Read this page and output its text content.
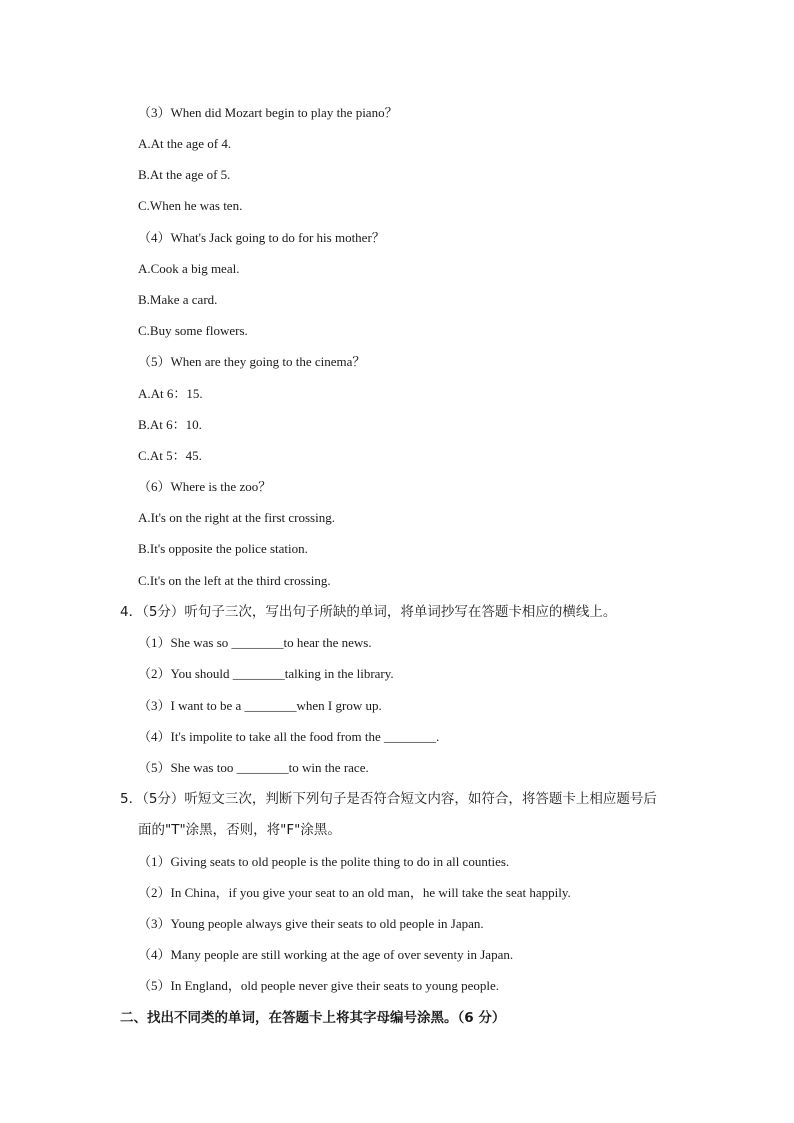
（3）When did Mozart begin to play the piano？
A.At the age of 4.
B.At the age of 5.
C.When he was ten.
（4）What's Jack going to do for his mother？
A.Cook a big meal.
B.Make a card.
C.Buy some flowers.
（5）When are they going to the cinema？
A.At 6：15.
B.At 6：10.
C.At 5：45.
（6）Where is the zoo？
A.It's on the right at the first crossing.
B.It's opposite the police station.
C.It's on the left at the third crossing.
4．（5分）听句子三次，写出句子所缺的单词，将单词抄写在答题卡相应的横线上。
（1）She was so ________to hear the news.
（2）You should ________talking in the library.
（3）I want to be a ________when I grow up.
（4）It's impolite to take all the food from the ________.
（5）She was too ________to win the race.
5．（5分）听短文三次，判断下列句子是否符合短文内容，如符合，将答题卡上相应题号后
面的"T"涂黑，否则，将"F"涂黑。
（1）Giving seats to old people is the polite thing to do in all counties.
（2）In China，if you give your seat to an old man，he will take the seat happily.
（3）Young people always give their seats to old people in Japan.
（4）Many people are still working at the age of over seventy in Japan.
（5）In England，old people never give their seats to young people.
二、找出不同类的单词，在答题卡上将其字母编号涂黑。（6 分）
